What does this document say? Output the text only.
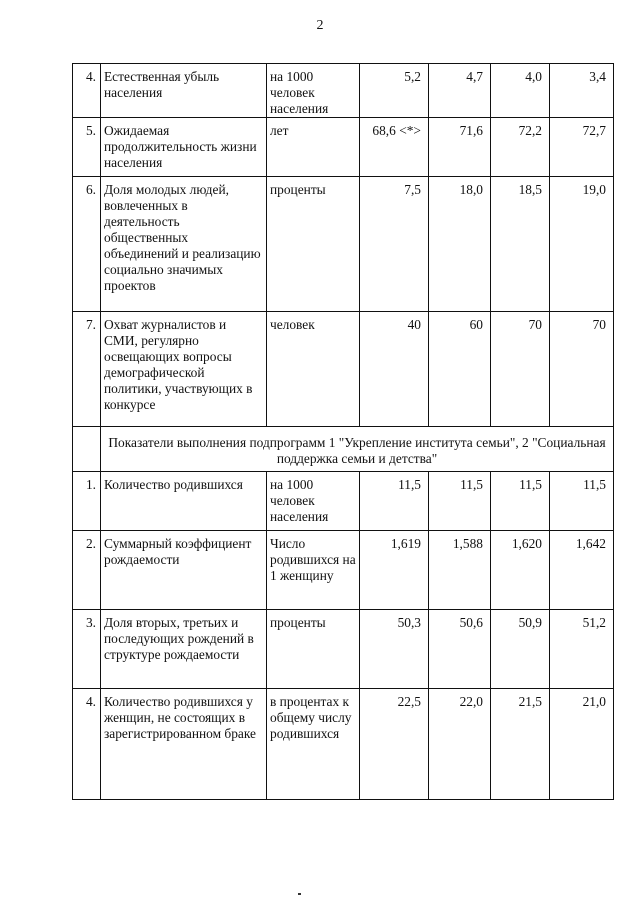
2
4.	Естественная убыль населения	на 1000 человек населения	5,2	4,7	4,0	3,4
5.	Ожидаемая продолжительность жизни населения	лет	68,6 <*>	71,6	72,2	72,7
6.	Доля молодых людей, вовлеченных в деятельность общественных объединений и реализацию социально значимых проектов	проценты	7,5	18,0	18,5	19,0
7.	Охват журналистов и СМИ, регулярно освещающих вопросы демографической политики, участвующих в конкурсе	человек	40	60	70	70
	Показатели выполнения подпрограмм 1 "Укрепление института семьи", 2 "Социальная поддержка семьи и детства"					
1.	Количество родившихся	на 1000 человек населения	11,5	11,5	11,5	11,5
2.	Суммарный коэффициент рождаемости	Число родившихся на 1 женщину	1,619	1,588	1,620	1,642
3.	Доля вторых, третьих и последующих рождений в структуре рождаемости	проценты	50,3	50,6	50,9	51,2
4.	Количество родившихся у женщин, не состоящих в зарегистрированном браке	в процентах к общему числу родившихся	22,5	22,0	21,5	21,0
